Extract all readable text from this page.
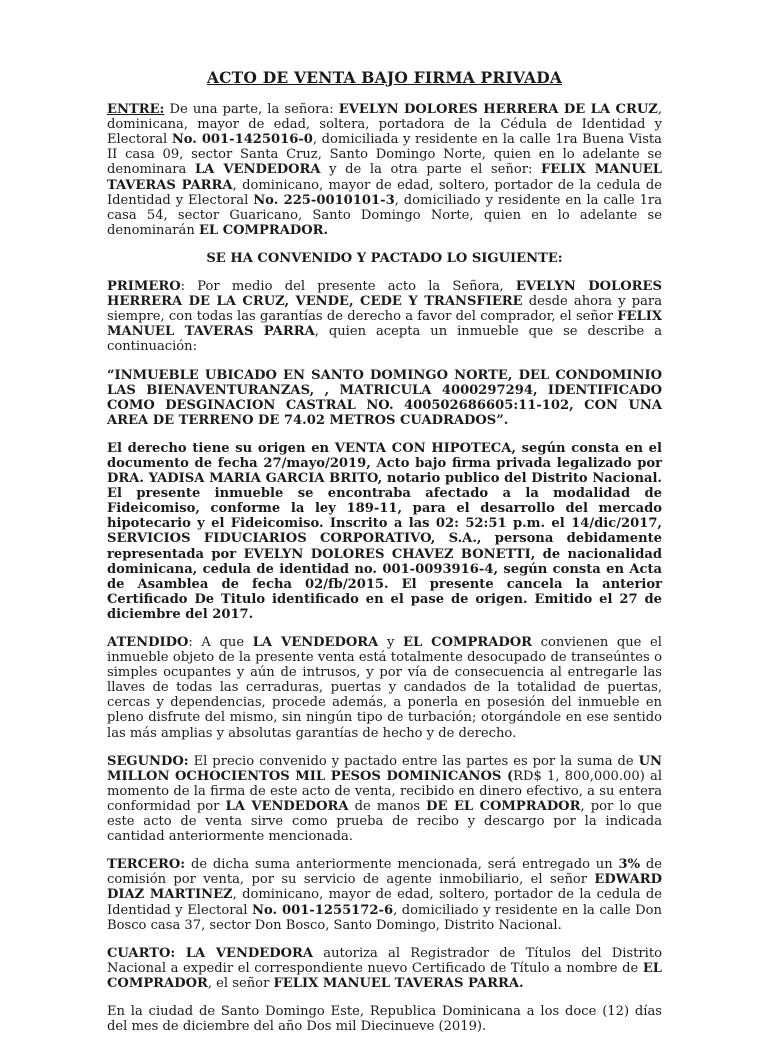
ACTO DE VENTA BAJO FIRMA PRIVADA

ENTRE: De una parte, la señora: EVELYN DOLORES HERRERA DE LA CRUZ, dominicana, mayor de edad, soltera, portadora de la Cédula de Identidad y Electoral No. 001-1425016-0, domiciliada y residente en la calle 1ra Buena Vista II casa 09, sector Santa Cruz, Santo Domingo Norte, quien en lo adelante se denominara LA VENDEDORA y de la otra parte el señor: FELIX MANUEL TAVERAS PARRA, dominicano, mayor de edad, soltero, portador de la cedula de Identidad y Electoral No. 225-0010101-3, domiciliado y residente en la calle 1ra casa 54, sector Guaricano, Santo Domingo Norte, quien en lo adelante se denominarán EL COMPRADOR.

SE HA CONVENIDO Y PACTADO LO SIGUIENTE:

PRIMERO: Por medio del presente acto la Señora, EVELYN DOLORES HERRERA DE LA CRUZ, VENDE, CEDE Y TRANSFIERE desde ahora y para siempre, con todas las garantías de derecho a favor del comprador, el señor FELIX MANUEL TAVERAS PARRA, quien acepta un inmueble que se describe a continuación:

“INMUEBLE UBICADO EN SANTO DOMINGO NORTE, DEL CONDOMINIO LAS BIENAVENTURANZAS, , MATRICULA 4000297294, IDENTIFICADO COMO DESGINACION CASTRAL NO. 400502686605:11-102, CON UNA AREA DE TERRENO DE 74.02 METROS CUADRADOS”.

El derecho tiene su origen en VENTA CON HIPOTECA, según consta en el documento de fecha 27/mayo/2019, Acto bajo firma privada legalizado por DRA. YADISA MARIA GARCIA BRITO, notario publico del Distrito Nacional. El presente inmueble se encontraba afectado a la modalidad de Fideicomiso, conforme la ley 189-11, para el desarrollo del mercado hipotecario y el Fideicomiso. Inscrito a las 02: 52:51 p.m. el 14/dic/2017, SERVICIOS FIDUCIARIOS CORPORATIVO, S.A., persona debidamente representada por EVELYN DOLORES CHAVEZ BONETTI, de nacionalidad dominicana, cedula de identidad no. 001-0093916-4, según consta en Acta de Asamblea de fecha 02/fb/2015. El presente cancela la anterior Certificado De Titulo identificado en el pase de origen. Emitido el 27 de diciembre del 2017.

ATENDIDO: A que LA VENDEDORA y EL COMPRADOR convienen que el inmueble objeto de la presente venta está totalmente desocupado de transeúntes o simples ocupantes y aún de intrusos, y por vía de consecuencia al entregarle las llaves de todas las cerraduras, puertas y candados de la totalidad de puertas, cercas y dependencias, procede además, a ponerla en posesión del inmueble en pleno disfrute del mismo, sin ningún tipo de turbación; otorgándole en ese sentido las más amplias y absolutas garantías de hecho y de derecho.

SEGUNDO: El precio convenido y pactado entre las partes es por la suma de UN MILLON OCHOCIENTOS MIL PESOS DOMINICANOS (RD$ 1, 800,000.00) al momento de la firma de este acto de venta, recibido en dinero efectivo, a su entera conformidad por LA VENDEDORA de manos DE EL COMPRADOR, por lo que este acto de venta sirve como prueba de recibo y descargo por la indicada cantidad anteriormente mencionada.

TERCERO: de dicha suma anteriormente mencionada, será entregado un 3% de comisión por venta, por su servicio de agente inmobiliario, el señor EDWARD DIAZ MARTINEZ, dominicano, mayor de edad, soltero, portador de la cedula de Identidad y Electoral No. 001-1255172-6, domiciliado y residente en la calle Don Bosco casa 37, sector Don Bosco, Santo Domingo, Distrito Nacional.

CUARTO: LA VENDEDORA autoriza al Registrador de Títulos del Distrito Nacional a expedir el correspondiente nuevo Certificado de Título a nombre de EL COMPRADOR, el señor FELIX MANUEL TAVERAS PARRA.

En la ciudad de Santo Domingo Este, Republica Dominicana a los doce (12) días del mes de diciembre del año Dos mil Diecinueve (2019).
